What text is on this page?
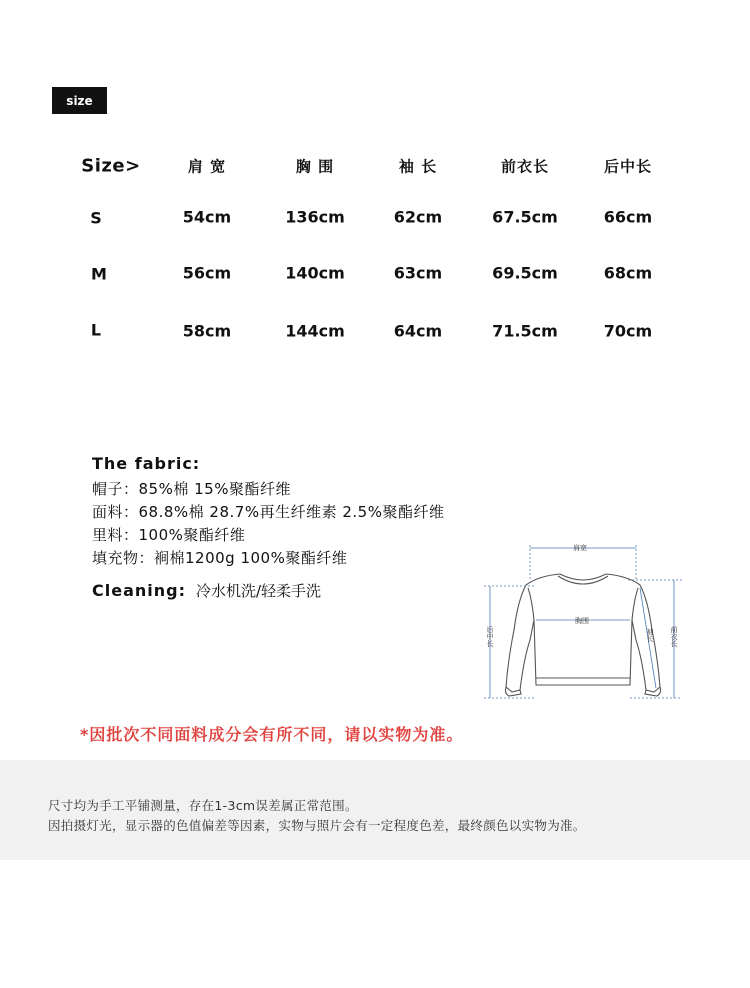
size
Size>	肩 宽	胸 围	袖 长	前衣长	后中长
S	54cm	136cm	62cm	67.5cm	66cm
M	56cm	140cm	63cm	69.5cm	68cm
L	58cm	144cm	64cm	71.5cm	70cm
The fabric:
帽子：85%棉 15%聚酯纤维
面料：68.8%棉 28.7%再生纤维素 2.5%聚酯纤维
里料：100%聚酯纤维
填充物：裥棉1200g 100%聚酯纤维
Cleaning: 冷水机洗/轻柔手洗
肩宽
胸围
后中长	袖长 前衣长
*因批次不同面料成分会有所不同，请以实物为准。
尺寸均为手工平铺测量，存在1-3cm误差属正常范围。
因拍摄灯光，显示器的色值偏差等因素，实物与照片会有一定程度色差，最终颜色以实物为准。
